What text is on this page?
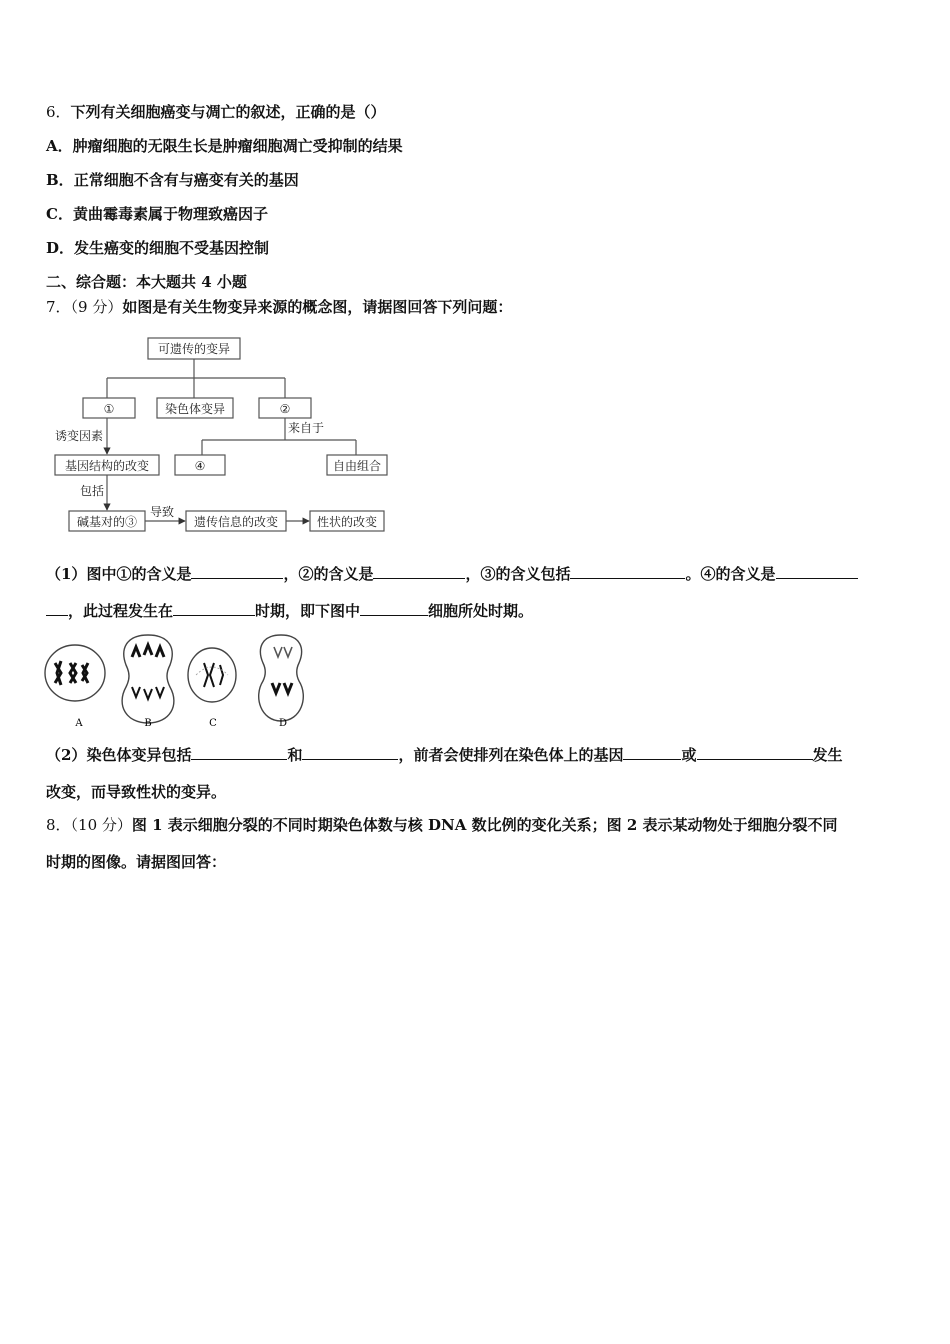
6．下列有关细胞癌变与凋亡的叙述，正确的是（）
A．肿瘤细胞的无限生长是肿瘤细胞凋亡受抑制的结果
B．正常细胞不含有与癌变有关的基因
C．黄曲霉毒素属于物理致癌因子
D．发生癌变的细胞不受基因控制
二、综合题：本大题共 4 小题
7．（9 分）如图是有关生物变异来源的概念图，请据图回答下列问题：
可遗传的变异
①	染色体变异	②
④	自由组合
基因结构的改变
碱基对的③	遗传信息的改变	性状的改变
诱变因素
来自于
包括
导致
（1）图中①的含义是	，②的含义是	，③的含义包括	。④的含义是
，此过程发生在	时期，即下图中	细胞所处时期。
A	B	C	D
（2）染色体变异包括	和	，前者会使排列在染色体上的基因	或	发生
改变，而导致性状的变异。
8．（10 分）图 1 表示细胞分裂的不同时期染色体数与核 DNA 数比例的变化关系；图 2 表示某动物处于细胞分裂不同
时期的图像。请据图回答：
